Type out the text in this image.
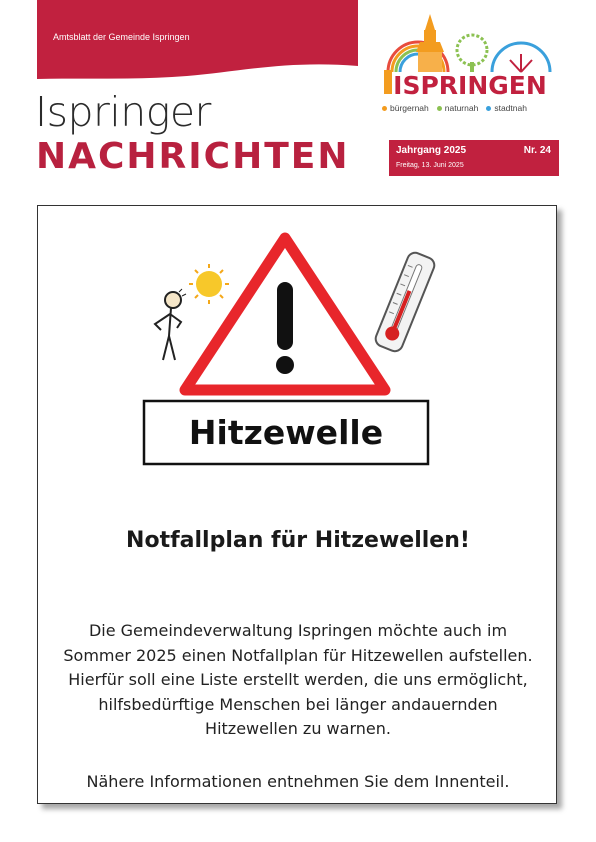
Amtsblatt der Gemeinde Ispringen
Ispringer
NACHRICHTEN
ISPRINGEN
bürgernah	naturnah	stadtnah
Jahrgang 2025	Nr. 24
Freitag, 13. Juni 2025
Hitzewelle
Notfallplan für Hitzewellen!
Die Gemeindeverwaltung Ispringen möchte auch im
Sommer 2025 einen Notfallplan für Hitzewellen aufstellen.
Hierfür soll eine Liste erstellt werden, die uns ermöglicht,
hilfsbedürftige Menschen bei länger andauernden
Hitzewellen zu warnen.
Nähere Informationen entnehmen Sie dem Innenteil.
